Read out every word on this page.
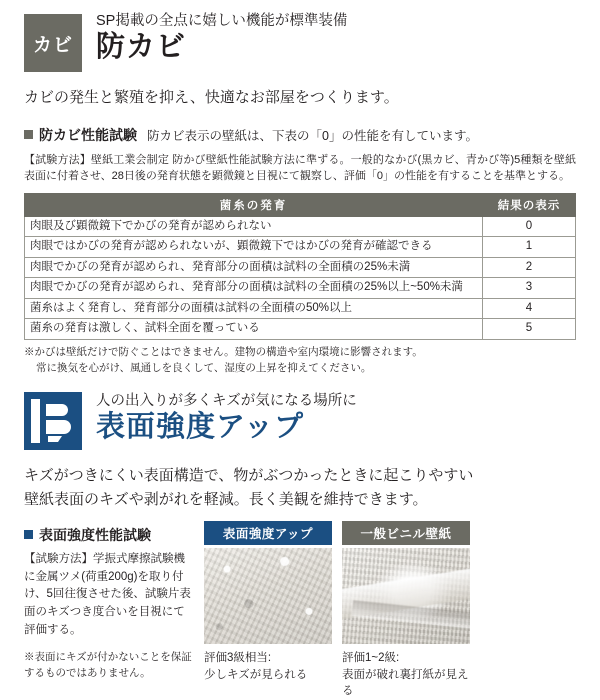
カビ

SP掲載の全点に嬉しい機能が標準装備

防カビ

カビの発生と繁殖を抑え、快適なお部屋をつくります。

防カビ性能試験 防カビ表示の壁紙は、下表の「0」の性能を有しています。

【試験方法】壁紙工業会制定 防かび壁紙性能試験方法に準ずる。一般的なかび(黒カビ、青かび等)5種類を壁紙表面に付着させ、28日後の発育状態を顕微鏡と目視にて観察し、評価「0」の性能を有することを基準とする。

菌糸の発育	結果の表示
肉眼及び顕微鏡下でかびの発育が認められない	0
肉眼ではかびの発育が認められないが、顕微鏡下ではかびの発育が確認できる	1
肉眼でかびの発育が認められ、発育部分の面積は試料の全面積の25%未満	2
肉眼でかびの発育が認められ、発育部分の面積は試料の全面積の25%以上~50%未満	3
菌糸はよく発育し、発育部分の面積は試料の全面積の50%以上	4
菌糸の発育は激しく、試料全面を覆っている	5

※かびは壁紙だけで防ぐことはできません。建物の構造や室内環境に影響されます。
常に換気を心がけ、風通しを良くして、湿度の上昇を抑えてください。

人の出入りが多くキズが気になる場所に

表面強度アップ

キズがつきにくい表面構造で、物がぶつかったときに起こりやすい
壁紙表面のキズや剥がれを軽減。長く美観を維持できます。

表面強度性能試験

【試験方法】学振式摩擦試験機に金属ツメ(荷重200g)を取り付け、5回往復させた後、試験片表面のキズつき度合いを目視にて評価する。

※表面にキズが付かないことを保証するものではありません。

表面強度アップ
評価3級相当:
少しキズが見られる
一般ビニル壁紙
評価1~2級:
表面が破れ裏打紙が見える
